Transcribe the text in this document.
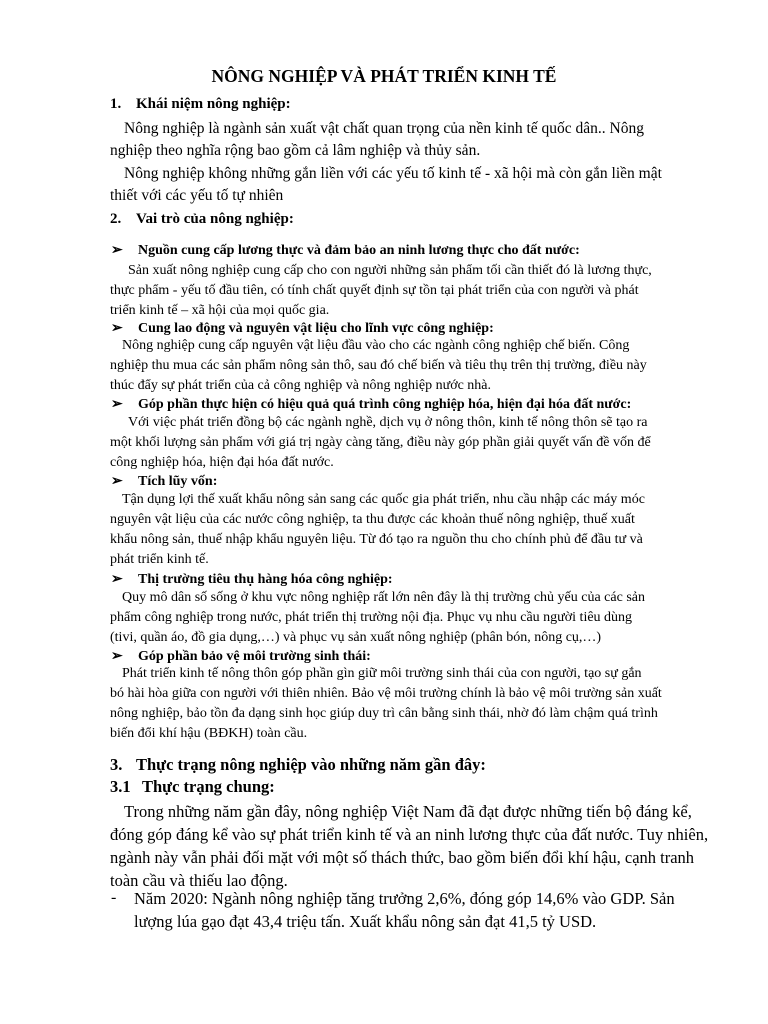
NÔNG NGHIỆP VÀ PHÁT TRIỂN KINH TẾ
1. Khái niệm nông nghiệp:
Nông nghiệp là ngành sản xuất vật chất quan trọng của nền kinh tế quốc dân.. Nông
nghiệp theo nghĩa rộng bao gồm cả lâm nghiệp và thủy sản.
Nông nghiệp không những gắn liền với các yếu tố kinh tế - xã hội mà còn gắn liền mật
thiết với các yếu tố tự nhiên
2. Vai trò của nông nghiệp:
➢ Nguồn cung cấp lương thực và đảm bảo an ninh lương thực cho đất nước:
Sản xuất nông nghiệp cung cấp cho con người những sản phẩm tối cần thiết đó là lương thực,
thực phẩm - yếu tố đầu tiên, có tính chất quyết định sự tồn tại phát triển của con người và phát
triển kinh tế – xã hội của mọi quốc gia.
➢ Cung lao động và nguyên vật liệu cho lĩnh vực công nghiệp:
Nông nghiệp cung cấp nguyên vật liệu đầu vào cho các ngành công nghiệp chế biến. Công
nghiệp thu mua các sản phẩm nông sản thô, sau đó chế biến và tiêu thụ trên thị trường, điều này
thúc đẩy sự phát triển của cả công nghiệp và nông nghiệp nước nhà.
➢ Góp phần thực hiện có hiệu quả quá trình công nghiệp hóa, hiện đại hóa đất nước:
Với việc phát triển đồng bộ các ngành nghề, dịch vụ ở nông thôn, kinh tế nông thôn sẽ tạo ra
một khối lượng sản phẩm với giá trị ngày càng tăng, điều này góp phần giải quyết vấn đề vốn để
công nghiệp hóa, hiện đại hóa đất nước.
➢ Tích lũy vốn:
Tận dụng lợi thế xuất khẩu nông sản sang các quốc gia phát triển, nhu cầu nhập các máy móc
nguyên vật liệu của các nước công nghiệp, ta thu được các khoản thuế nông nghiệp, thuế xuất
khẩu nông sản, thuế nhập khẩu nguyên liệu. Từ đó tạo ra nguồn thu cho chính phủ để đầu tư và
phát triển kinh tế.
➢ Thị trường tiêu thụ hàng hóa công nghiệp:
Quy mô dân số sống ở khu vực nông nghiệp rất lớn nên đây là thị trường chủ yếu của các sản
phẩm công nghiệp trong nước, phát triển thị trường nội địa. Phục vụ nhu cầu người tiêu dùng
(tivi, quần áo, đồ gia dụng,…) và phục vụ sản xuất nông nghiệp (phân bón, nông cụ,…)
➢ Góp phần bảo vệ môi trường sinh thái:
Phát triển kinh tế nông thôn góp phần gìn giữ môi trường sinh thái của con người, tạo sự gắn
bó hài hòa giữa con người với thiên nhiên. Bảo vệ môi trường chính là bảo vệ môi trường sản xuất
nông nghiệp, bảo tồn đa dạng sinh học giúp duy trì cân bằng sinh thái, nhờ đó làm chậm quá trình
biến đổi khí hậu (BĐKH) toàn cầu.
3. Thực trạng nông nghiệp vào những năm gần đây:
3.1 Thực trạng chung:
Trong những năm gần đây, nông nghiệp Việt Nam đã đạt được những tiến bộ đáng kể,
đóng góp đáng kể vào sự phát triển kinh tế và an ninh lương thực của đất nước. Tuy nhiên,
ngành này vẫn phải đối mặt với một số thách thức, bao gồm biến đổi khí hậu, cạnh tranh
toàn cầu và thiếu lao động.
- Năm 2020: Ngành nông nghiệp tăng trưởng 2,6%, đóng góp 14,6% vào GDP. Sản
lượng lúa gạo đạt 43,4 triệu tấn. Xuất khẩu nông sản đạt 41,5 tỷ USD.
